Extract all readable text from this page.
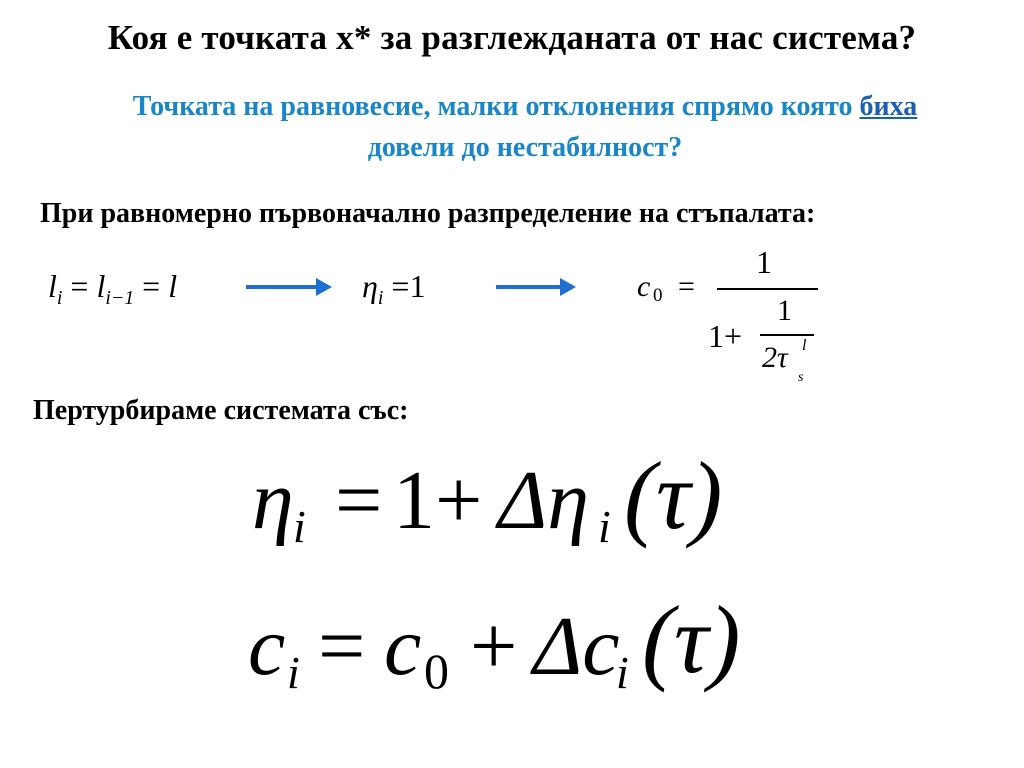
Коя е точката х* за разглежданата от нас система?
Точката на равновесие, малки отклонения спрямо която биха
довели до нестабилност?
При равномерно първоначално разпределение на стъпалата:
$l_i = l_{i-1} = l$	$\eta_i =1$	c 0 =
1
1+
1
2τ
s
l
Пертурбираме системата със:
η i = 1+ Δη i (τ)
c i = c 0 + Δc
i (τ)
